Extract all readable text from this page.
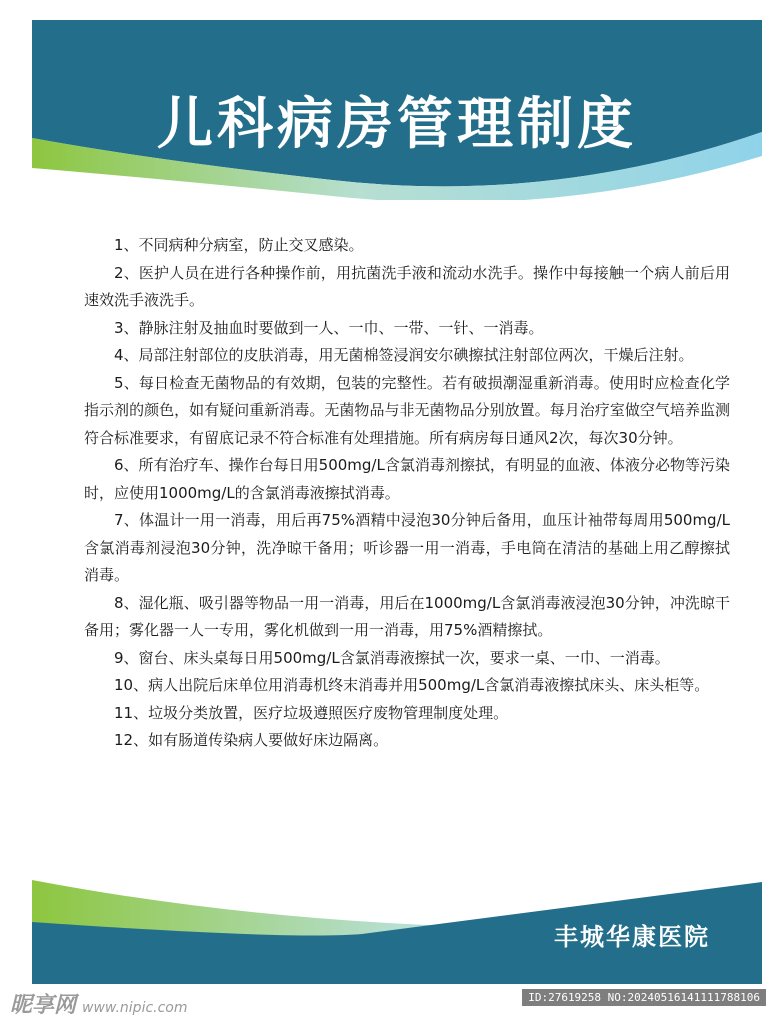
儿科病房管理制度

1、不同病种分病室，防止交叉感染。

2、医护人员在进行各种操作前，用抗菌洗手液和流动水洗手。操作中每接触一个病人前后用速效洗手液洗手。

3、静脉注射及抽血时要做到一人、一巾、一带、一针、一消毒。

4、局部注射部位的皮肤消毒，用无菌棉签浸润安尔碘擦拭注射部位两次，干燥后注射。

5、每日检查无菌物品的有效期，包装的完整性。若有破损潮湿重新消毒。使用时应检查化学指示剂的颜色，如有疑问重新消毒。无菌物品与非无菌物品分别放置。每月治疗室做空气培养监测符合标准要求，有留底记录不符合标准有处理措施。所有病房每日通风2次，每次30分钟。

6、所有治疗车、操作台每日用500mg/L含氯消毒剂擦拭，有明显的血液、体液分必物等污染时，应使用1000mg/L的含氯消毒液擦拭消毒。

7、体温计一用一消毒，用后再75%酒精中浸泡30分钟后备用，血压计袖带每周用500mg/L含氯消毒剂浸泡30分钟，洗净晾干备用；听诊器一用一消毒，手电筒在清洁的基础上用乙醇擦拭消毒。

8、湿化瓶、吸引器等物品一用一消毒，用后在1000mg/L含氯消毒液浸泡30分钟，冲洗晾干备用；雾化器一人一专用，雾化机做到一用一消毒，用75%酒精擦拭。

9、窗台、床头桌每日用500mg/L含氯消毒液擦拭一次，要求一桌、一巾、一消毒。

10、病人出院后床单位用消毒机终末消毒并用500mg/L含氯消毒液擦拭床头、床头柜等。

11、垃圾分类放置，医疗垃圾遵照医疗废物管理制度处理。

12、如有肠道传染病人要做好床边隔离。

丰城华康医院
昵享网 www.nipic.com
ID:27619258 NO:20240516141111788106
